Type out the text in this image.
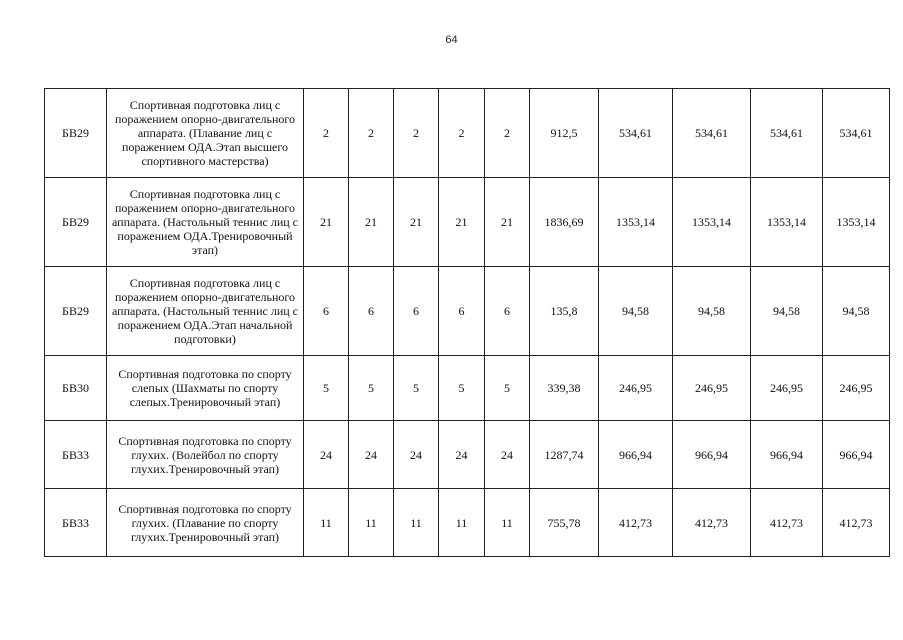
64
БВ29	Спортивная подготовка лиц с поражением опорно-двигательного аппарата. (Плавание лиц с поражением ОДА.Этап высшего спортивного мастерства)	2	2	2	2	2	912,5	534,61	534,61	534,61	534,61
БВ29	Спортивная подготовка лиц с поражением опорно-двигательного аппарата. (Настольный теннис лиц с поражением ОДА.Тренировочный этап)	21	21	21	21	21	1836,69	1353,14	1353,14	1353,14	1353,14
БВ29	Спортивная подготовка лиц с поражением опорно-двигательного аппарата. (Настольный теннис лиц с поражением ОДА.Этап начальной подготовки)	6	6	6	6	6	135,8	94,58	94,58	94,58	94,58
БВ30	Спортивная подготовка по спорту слепых (Шахматы по спорту слепых.Тренировочный этап)	5	5	5	5	5	339,38	246,95	246,95	246,95	246,95
БВ33	Спортивная подготовка по спорту глухих. (Волейбол по спорту глухих.Тренировочный этап)	24	24	24	24	24	1287,74	966,94	966,94	966,94	966,94
БВ33	Спортивная подготовка по спорту глухих. (Плавание по спорту глухих.Тренировочный этап)	11	11	11	11	11	755,78	412,73	412,73	412,73	412,73
